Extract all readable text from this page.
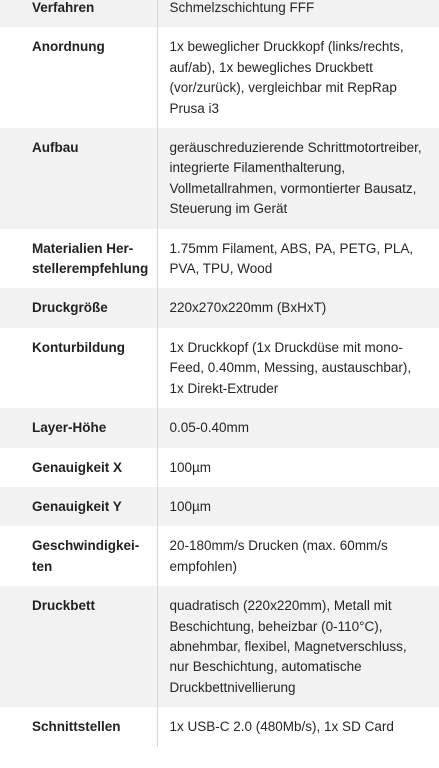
Verfahren	Schmelzschichtung FFF
Anordnung	1x beweglicher Druckkopf (links/rechts, auf/ab), 1x bewegliches Druckbett (vor/zurück), vergleichbar mit RepRap Prusa i3
Aufbau	geräuschreduzierende Schrittmotortreiber, integrierte Filamenthalterung, Vollmetallrahmen, vormontierter Bausatz, Steuerung im Gerät
Materialien Herstellerempfehlung	1.75mm Filament, ABS, PA, PETG, PLA, PVA, TPU, Wood
Druckgröße	220x270x220mm (BxHxT)
Konturbildung	1x Druckkopf (1x Druckdüse mit monoFeed, 0.40mm, Messing, austauschbar), 1x Direkt-Extruder
Layer-Höhe	0.05-0.40mm
Genauigkeit X	100µm
Genauigkeit Y	100µm
Geschwindigkeiten	20-180mm/s Drucken (max. 60mm/s empfohlen)
Druckbett	quadratisch (220x220mm), Metall mit Beschichtung, beheizbar (0-110°C), abnehmbar, flexibel, Magnetverschluss, nur Beschichtung, automatische Druckbettnivellierung
Schnittstellen	1x USB-C 2.0 (480Mb/s), 1x SD Card
